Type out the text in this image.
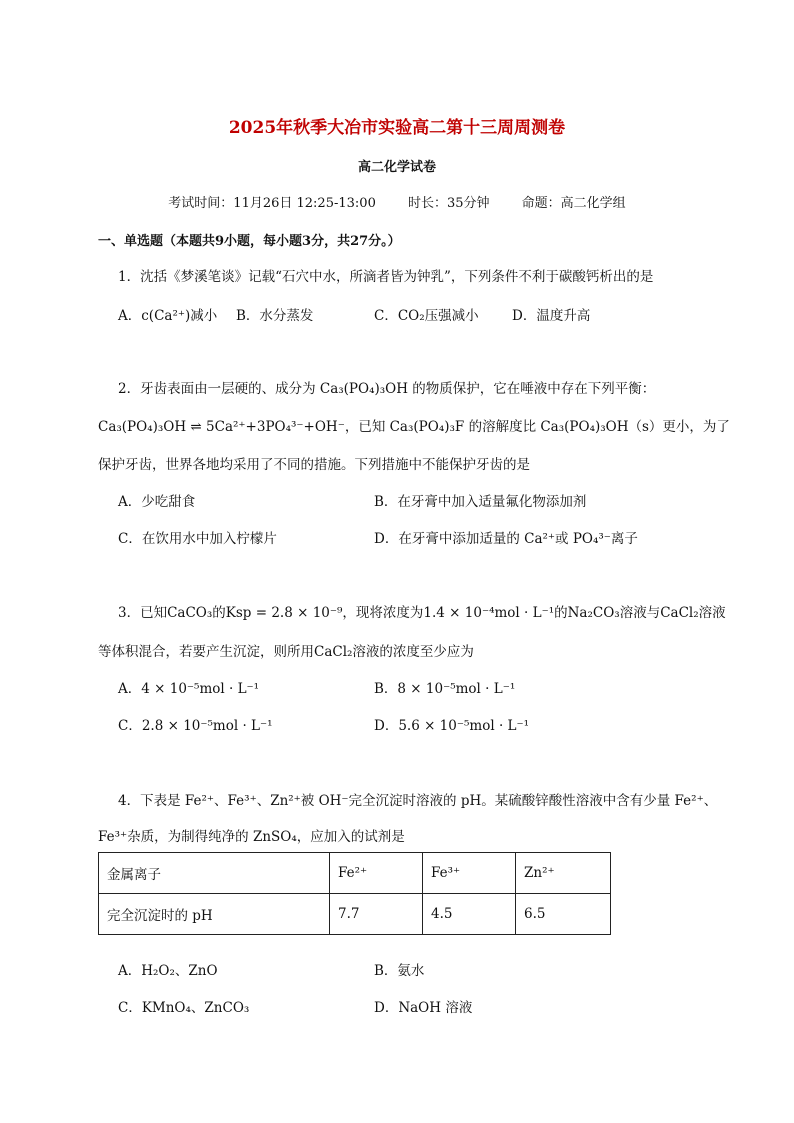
2025年秋季大冶市实验高二第十三周周测卷
高二化学试卷
考试时间：11月26日 12:25-13:00 时长：35分钟 命题：高二化学组
一、单选题（本题共9小题，每小题3分，共27分。）
1．沈括《梦溪笔谈》记载“石穴中水，所滴者皆为钟乳”，下列条件不利于碳酸钙析出的是
A．c(Ca²⁺)减小 B．水分蒸发	C．CO₂压强减小 D．温度升高
2．牙齿表面由一层硬的、成分为 Ca₃(PO₄)₃OH 的物质保护，它在唾液中存在下列平衡：
Ca₃(PO₄)₃OH ⇌ 5Ca²⁺+3PO₄³⁻+OH⁻，已知 Ca₃(PO₄)₃F 的溶解度比 Ca₃(PO₄)₃OH（s）更小，为了
保护牙齿，世界各地均采用了不同的措施。下列措施中不能保护牙齿的是
A．少吃甜食	B．在牙膏中加入适量氟化物添加剂
C．在饮用水中加入柠檬片	D．在牙膏中添加适量的 Ca²⁺或 PO₄³⁻离子
3．已知CaCO₃的Ksp = 2.8 × 10⁻⁹，现将浓度为1.4 × 10⁻⁴mol · L⁻¹的Na₂CO₃溶液与CaCl₂溶液
等体积混合，若要产生沉淀，则所用CaCl₂溶液的浓度至少应为
A．4 × 10⁻⁵mol · L⁻¹	B．8 × 10⁻⁵mol · L⁻¹
C．2.8 × 10⁻⁵mol · L⁻¹	D．5.6 × 10⁻⁵mol · L⁻¹
4．下表是 Fe²⁺、Fe³⁺、Zn²⁺被 OH⁻完全沉淀时溶液的 pH。某硫酸锌酸性溶液中含有少量 Fe²⁺、
Fe³⁺杂质，为制得纯净的 ZnSO₄，应加入的试剂是
金属离子	Fe²⁺	Fe³⁺	Zn²⁺
完全沉淀时的 pH	7.7	4.5	6.5
A．H₂O₂、ZnO	B．氨水
C．KMnO₄、ZnCO₃	D．NaOH 溶液
